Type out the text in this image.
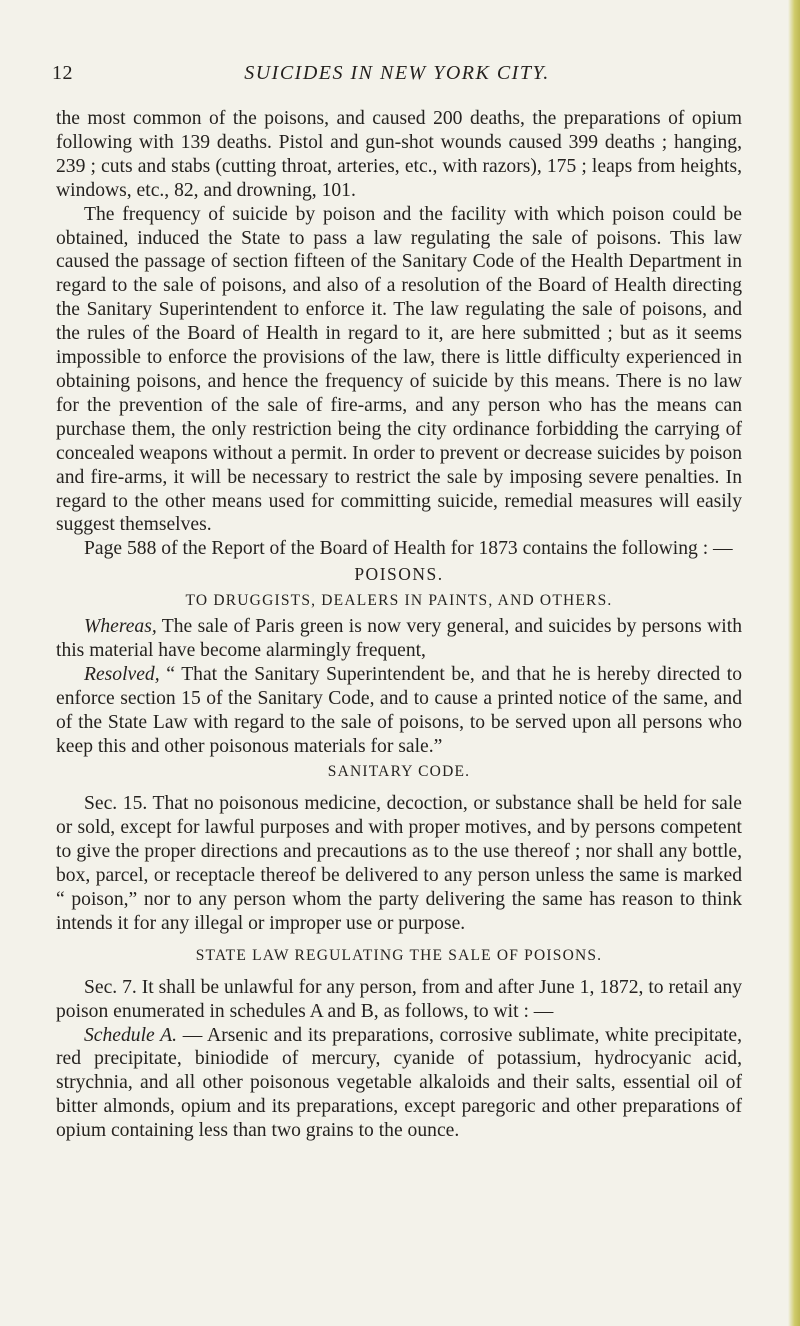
12	SUICIDES IN NEW YORK CITY.

the most common of the poisons, and caused 200 deaths, the preparations of opium following with 139 deaths. Pistol and gun-shot wounds caused 399 deaths ; hanging, 239 ; cuts and stabs (cutting throat, arteries, etc., with razors), 175 ; leaps from heights, windows, etc., 82, and drowning, 101.

The frequency of suicide by poison and the facility with which poison could be obtained, induced the State to pass a law regulating the sale of poisons. This law caused the passage of section fifteen of the Sanitary Code of the Health Department in regard to the sale of poisons, and also of a resolution of the Board of Health directing the Sanitary Superintendent to enforce it. The law regulating the sale of poisons, and the rules of the Board of Health in regard to it, are here submitted ; but as it seems impossible to enforce the provisions of the law, there is little difficulty experienced in obtaining poisons, and hence the frequency of suicide by this means. There is no law for the prevention of the sale of fire-arms, and any person who has the means can purchase them, the only restriction being the city ordinance forbidding the carrying of concealed weapons without a permit. In order to prevent or decrease suicides by poison and fire-arms, it will be necessary to restrict the sale by imposing severe penalties. In regard to the other means used for committing suicide, remedial measures will easily suggest themselves.

Page 588 of the Report of the Board of Health for 1873 contains the following : —

POISONS.

TO DRUGGISTS, DEALERS IN PAINTS, AND OTHERS.

Whereas, The sale of Paris green is now very general, and suicides by persons with this material have become alarmingly frequent,

Resolved, “ That the Sanitary Superintendent be, and that he is hereby directed to enforce section 15 of the Sanitary Code, and to cause a printed notice of the same, and of the State Law with regard to the sale of poisons, to be served upon all persons who keep this and other poisonous materials for sale.”

SANITARY CODE.

Sec. 15. That no poisonous medicine, decoction, or substance shall be held for sale or sold, except for lawful purposes and with proper motives, and by persons competent to give the proper directions and precautions as to the use thereof ; nor shall any bottle, box, parcel, or receptacle thereof be delivered to any person unless the same is marked “ poison,” nor to any person whom the party delivering the same has reason to think intends it for any illegal or improper use or purpose.

STATE LAW REGULATING THE SALE OF POISONS.

Sec. 7. It shall be unlawful for any person, from and after June 1, 1872, to retail any poison enumerated in schedules A and B, as follows, to wit : —

Schedule A. — Arsenic and its preparations, corrosive sublimate, white precipitate, red precipitate, biniodide of mercury, cyanide of potassium, hydrocyanic acid, strychnia, and all other poisonous vegetable alkaloids and their salts, essential oil of bitter almonds, opium and its preparations, except paregoric and other preparations of opium containing less than two grains to the ounce.
